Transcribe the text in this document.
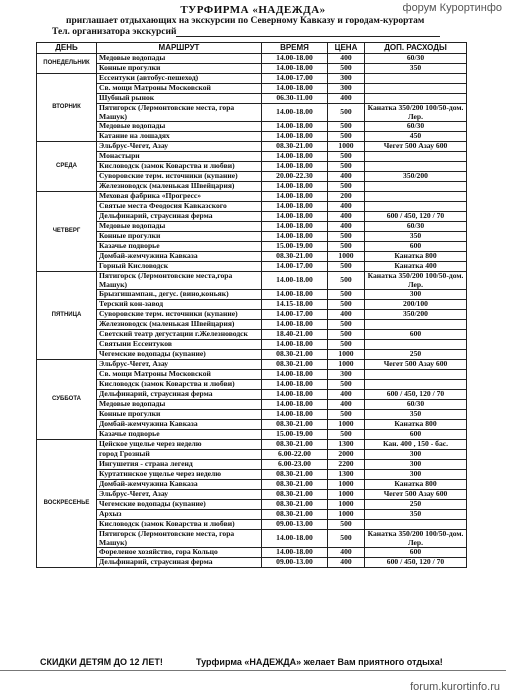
форум Курортинфо
ТУРФИРМА «НАДЕЖДА»
приглашает отдыхающих на экскурсии по Северному Кавказу и городам-курортам
Тел. организатора экскурсий
ДЕНЬ	МАРШРУТ	ВРЕМЯ	ЦЕНА	ДОП. РАСХОДЫ
ПОНЕДЕЛЬНИК	Медовые водопады	14.00-18.00	400	60/30
	Конные прогулки	14.00-18.00	500	350
ВТОРНИК	Ессентуки (автобус-пешеход)	14.00-17.00	300	
	Св. мощи Матроны Московской	14.00-18.00	300	
	Шубный рынок	06.30-11.00	400	
	Пятигорск (Лермонтовские места, гора Машук)	14.00-18.00	500	Канатка 350/200 100/50-дом. Лер.
	Медовые водопады	14.00-18.00	500	60/30
	Катание на лошадях	14.00-18.00	500	450
СРЕДА	Эльбрус-Чегет, Азау	08.30-21.00	1000	Чегет 500 Азау 600
	Монастыри	14.00-18.00	500	
	Кисловодск (замок Коварства и любви)	14.00-18.00	500	
	Суворовские терм. источники (купание)	20.00-22.30	400	350/200
	Железноводск (маленькая Швейцария)	14.00-18.00	500	
ЧЕТВЕРГ	Меховая фабрика «Прогресс»	14.00-18.00	200	
	Святые места Феодосия Кавказского	14.00-18.00	400	
	Дельфинарий, страусиная ферма	14.00-18.00	400	600 / 450, 120 / 70
	Медовые водопады	14.00-18.00	400	60/30
	Конные прогулки	14.00-18.00	500	350
	Казачье подворье	15.00-19.00	500	600
	Домбай-жемчужина Кавказа	08.30-21.00	1000	Канатка 800
	Горный Кисловодск	14.00-17.00	500	Канатка 400
ПЯТНИЦА	Пятигорск (Лермонтовские места,гора Машук)	14.00-18.00	500	Канатка 350/200 100/50-дом. Лер.
	Брызгишампан., дегус. (вино,коньяк)	14.00-18.00	500	300
	Терский кон-завод	14.15-18.00	500	200/100
	Суворовские терм. источники (купание)	14.00-17.00	400	350/200
	Железноводск (маленькая Швейцария)	14.00-18.00	500	
	Светский театр дегустации г.Железноводск	18.40-21.00	500	600
	Святыни Ессентуков	14.00-18.00	500	
	Чегемские водопады (купание)	08.30-21.00	1000	250
СУББОТА	Эльбрус-Чегет, Азау	08.30-21.00	1000	Чегет 500 Азау 600
	Св. мощи Матроны Московской	14.00-18.00	300	
	Кисловодск (замок Коварства и любви)	14.00-18.00	500	
	Дельфинарий, страусиная ферма	14.00-18.00	400	600 / 450, 120 / 70
	Медовые водопады	14.00-18.00	400	60/30
	Конные прогулки	14.00-18.00	500	350
	Домбай-жемчужина Кавказа	08.30-21.00	1000	Канатка 800
	Казачье подворье	15.00-19.00	500	600
ВОСКРЕСЕНЬЕ	Цейское ущелье через неделю	08.30-21.00	1300	Кан. 400 , 150 - бас.
	город Грозный	6.00-22.00	2000	300
	Ингушетия - страна легенд	6.00-23.00	2200	300
	Куртатинское ущелье через неделю	08.30-21.00	1300	300
	Домбай-жемчужина Кавказа	08.30-21.00	1000	Канатка 800
	Эльбрус-Чегет, Азау	08.30-21.00	1000	Чегет 500 Азау 600
	Чегемские водопады (купание)	08.30-21.00	1000	250
	Архыз	08.30-21.00	1000	350
	Кисловодск (замок Коварства и любви)	09.00-13.00	500	
	Пятигорск (Лермонтовские места, гора Машук)	14.00-18.00	500	Канатка 350/200 100/50-дом. Лер.
	Фореленое хозяйство, гора Кольцо	14.00-18.00	400	600
	Дельфинарий, страусиная ферма	09.00-13.00	400	600 / 450, 120 / 70
СКИДКИ ДЕТЯМ ДО 12 ЛЕТ!	Турфирма «НАДЕЖДА» желает Вам приятного отдыха!
forum.kurortinfo.ru
